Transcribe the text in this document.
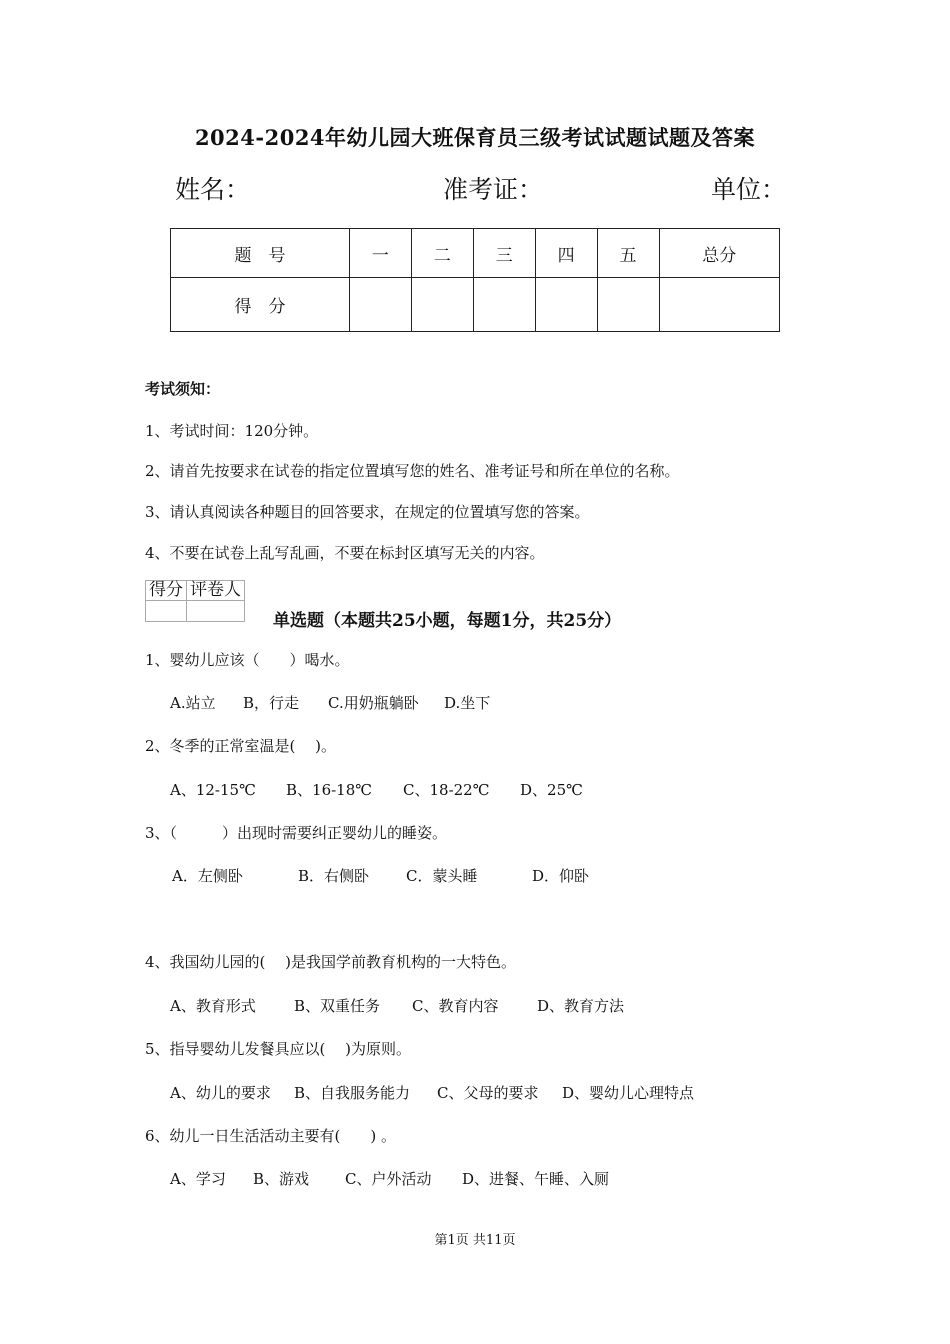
2024-2024年幼儿园大班保育员三级考试试题试题及答案
姓名：	准考证：	单位：
题　号	一	二	三	四	五	总分
得　分						
考试须知：
1、考试时间：120分钟。
2、请首先按要求在试卷的指定位置填写您的姓名、准考证号和所在单位的名称。
3、请认真阅读各种题目的回答要求，在规定的位置填写您的答案。
4、不要在试卷上乱写乱画，不要在标封区填写无关的内容。
得分	评卷人

单选题（本题共25小题，每题1分，共25分）
1、婴幼儿应该（　　）喝水。
A.站立 B，行走 C.用奶瓶躺卧 D.坐下
2、冬季的正常室温是(　 )。
A、12-15℃ B、16-18℃ C、18-22℃ D、25℃
3、（　　　）出现时需要纠正婴幼儿的睡姿。
A．左侧卧	B．右侧卧 C．蒙头睡	D．仰卧
4、我国幼儿园的(　 )是我国学前教育机构的一大特色。
A、教育形式	B、双重任务 C、教育内容	D、教育方法
5、指导婴幼儿发餐具应以(　 )为原则。
A、幼儿的要求 B、自我服务能力 C、父母的要求 D、婴幼儿心理特点
6、幼儿一日生活活动主要有(　　) 。
A、学习 B、游戏 C、户外活动 D、进餐、午睡、入厕
第1页 共11页
